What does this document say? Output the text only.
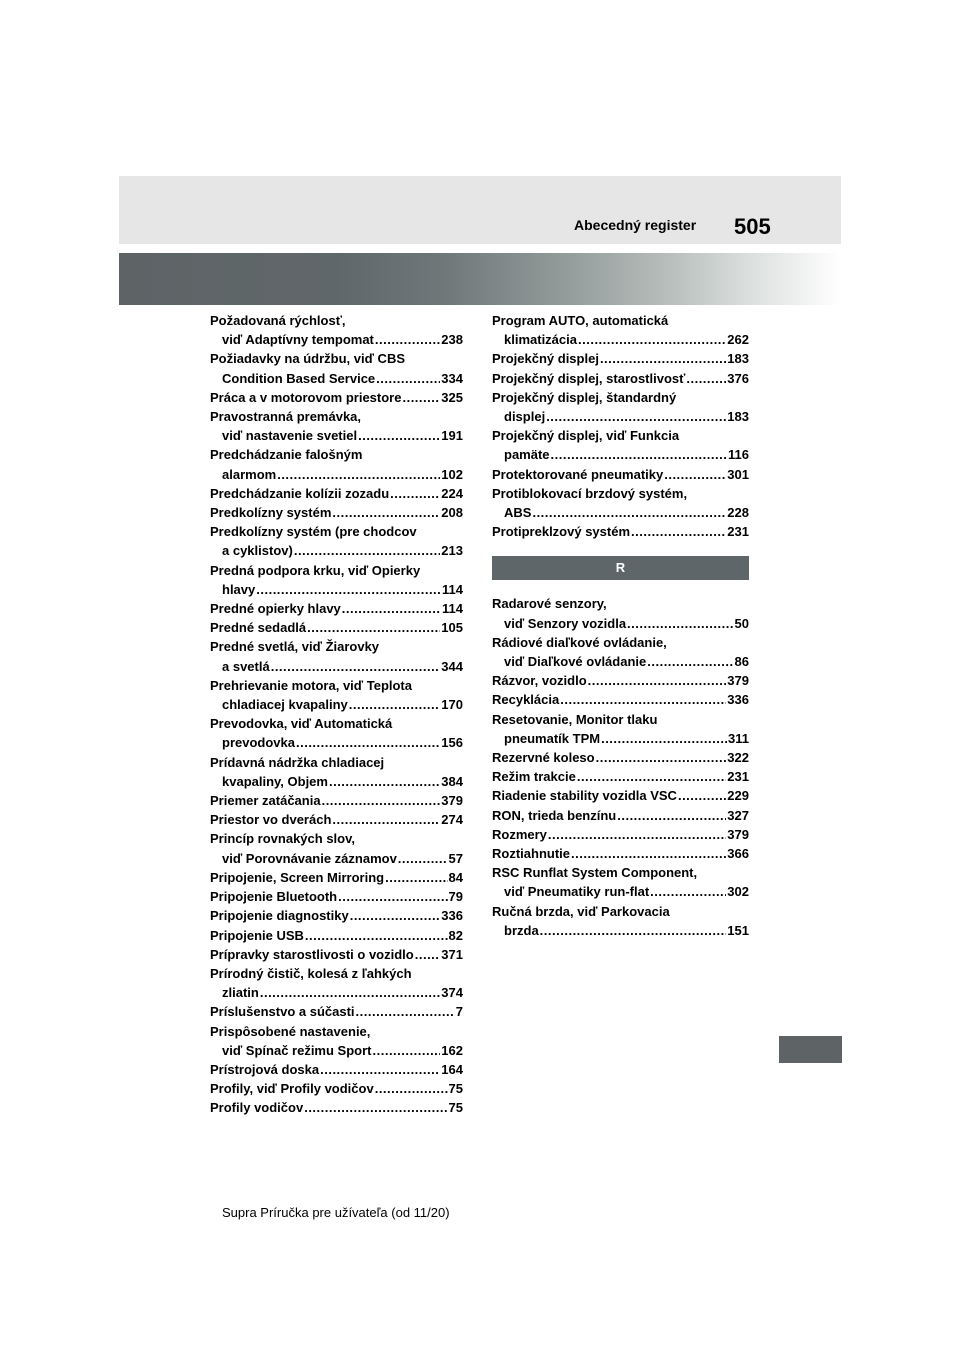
Abecedný register 505
Požadovaná rýchlosť,
viď Adaptívny tempomat .....	238
Požiadavky na údržbu, viď CBS
Condition Based Service .....	334
Práca a v motorovom priestore .....	325
Pravostranná premávka,
viď nastavenie svetiel .....	191
Predchádzanie falošným
alarmom .....	102
Predchádzanie kolízii zozadu .....	224
Predkolízny systém .....	208
Predkolízny systém (pre chodcov
a cyklistov) .....	213
Predná podpora krku, viď Opierky
hlavy .....	114
Predné opierky hlavy .....	114
Predné sedadlá .....	105
Predné svetlá, viď Žiarovky
a svetlá .....	344
Prehrievanie motora, viď Teplota
chladiacej kvapaliny .....	170
Prevodovka, viď Automatická
prevodovka .....	156
Prídavná nádržka chladiacej
kvapaliny, Objem .....	384
Priemer zatáčania .....	379
Priestor vo dverách .....	274
Princíp rovnakých slov,
viď Porovnávanie záznamov .....	57
Pripojenie, Screen Mirroring .....	84
Pripojenie Bluetooth .....	79
Pripojenie diagnostiky .....	336
Pripojenie USB .....	82
Prípravky starostlivosti o vozidlo ..... 371
Prírodný čistič, kolesá z ľahkých
zliatin .....	374
Príslušenstvo a súčasti .....	7
Prispôsobené nastavenie,
viď Spínač režimu Sport .....	162
Prístrojová doska .....	164
Profily, viď Profily vodičov .....	75
Profily vodičov .....	75
Program AUTO, automatická
klimatizácia .....	262
Projekčný displej .....	183
Projekčný displej, starostlivosť .....	376
Projekčný displej, štandardný
displej .....	183
Projekčný displej, viď Funkcia
pamäte .....	116
Protektorované pneumatiky .....	301
Protiblokovací brzdový systém,
ABS .....	228
Protipreklzový systém .....	231
R
Radarové senzory,
viď Senzory vozidla .....	50
Rádiové diaľkové ovládanie,
viď Diaľkové ovládanie .....	86
Rázvor, vozidlo .....	379
Recyklácia .....	336
Resetovanie, Monitor tlaku
pneumatík TPM .....	311
Rezervné koleso .....	322
Režim trakcie .....	231
Riadenie stability vozidla VSC .....	229
RON, trieda benzínu .....	327
Rozmery .....	379
Roztiahnutie .....	366
RSC Runflat System Component,
viď Pneumatiky run-flat .....	302
Ručná brzda, viď Parkovacia
brzda .....	151
Supra Príručka pre užívateľa (od 11/20)
